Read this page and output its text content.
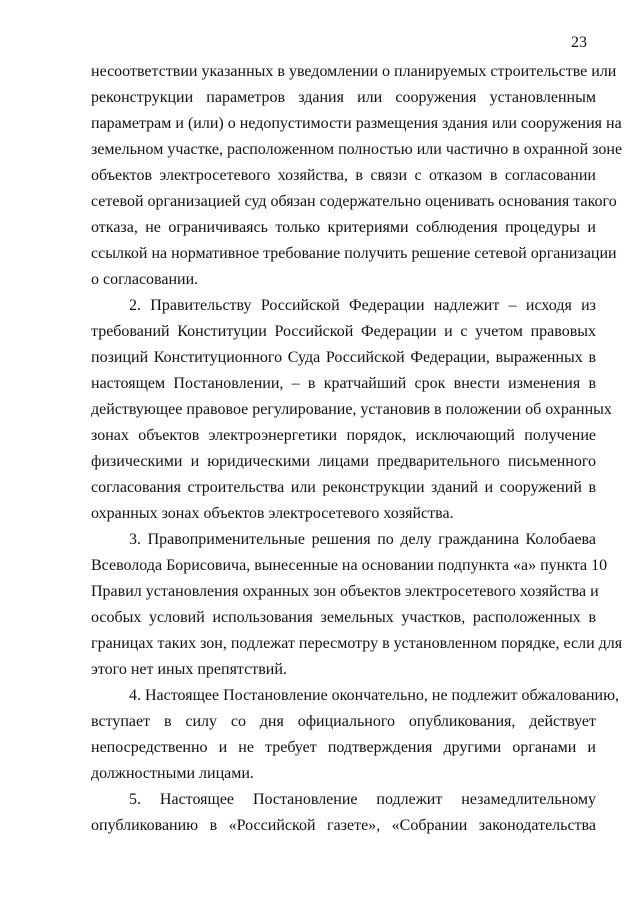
23

несоответствии указанных в уведомлении о планируемых строительстве или
реконструкции параметров здания или сооружения установленным
параметрам и (или) о недопустимости размещения здания или сооружения на
земельном участке, расположенном полностью или частично в охранной зоне
объектов электросетевого хозяйства, в связи с отказом в согласовании
сетевой организацией суд обязан содержательно оценивать основания такого
отказа, не ограничиваясь только критериями соблюдения процедуры и
ссылкой на нормативное требование получить решение сетевой организации
о согласовании.

2. Правительству Российской Федерации надлежит – исходя из
требований Конституции Российской Федерации и с учетом правовых
позиций Конституционного Суда Российской Федерации, выраженных в
настоящем Постановлении, – в кратчайший срок внести изменения в
действующее правовое регулирование, установив в положении об охранных
зонах объектов электроэнергетики порядок, исключающий получение
физическими и юридическими лицами предварительного письменного
согласования строительства или реконструкции зданий и сооружений в
охранных зонах объектов электросетевого хозяйства.

3. Правоприменительные решения по делу гражданина Колобаева
Всеволода Борисовича, вынесенные на основании подпункта «а» пункта 10
Правил установления охранных зон объектов электросетевого хозяйства и
особых условий использования земельных участков, расположенных в
границах таких зон, подлежат пересмотру в установленном порядке, если для
этого нет иных препятствий.

4. Настоящее Постановление окончательно, не подлежит обжалованию,
вступает в силу со дня официального опубликования, действует
непосредственно и не требует подтверждения другими органами и
должностными лицами.

5. Настоящее Постановление подлежит незамедлительному
опубликованию в «Российской газете», «Собрании законодательства
